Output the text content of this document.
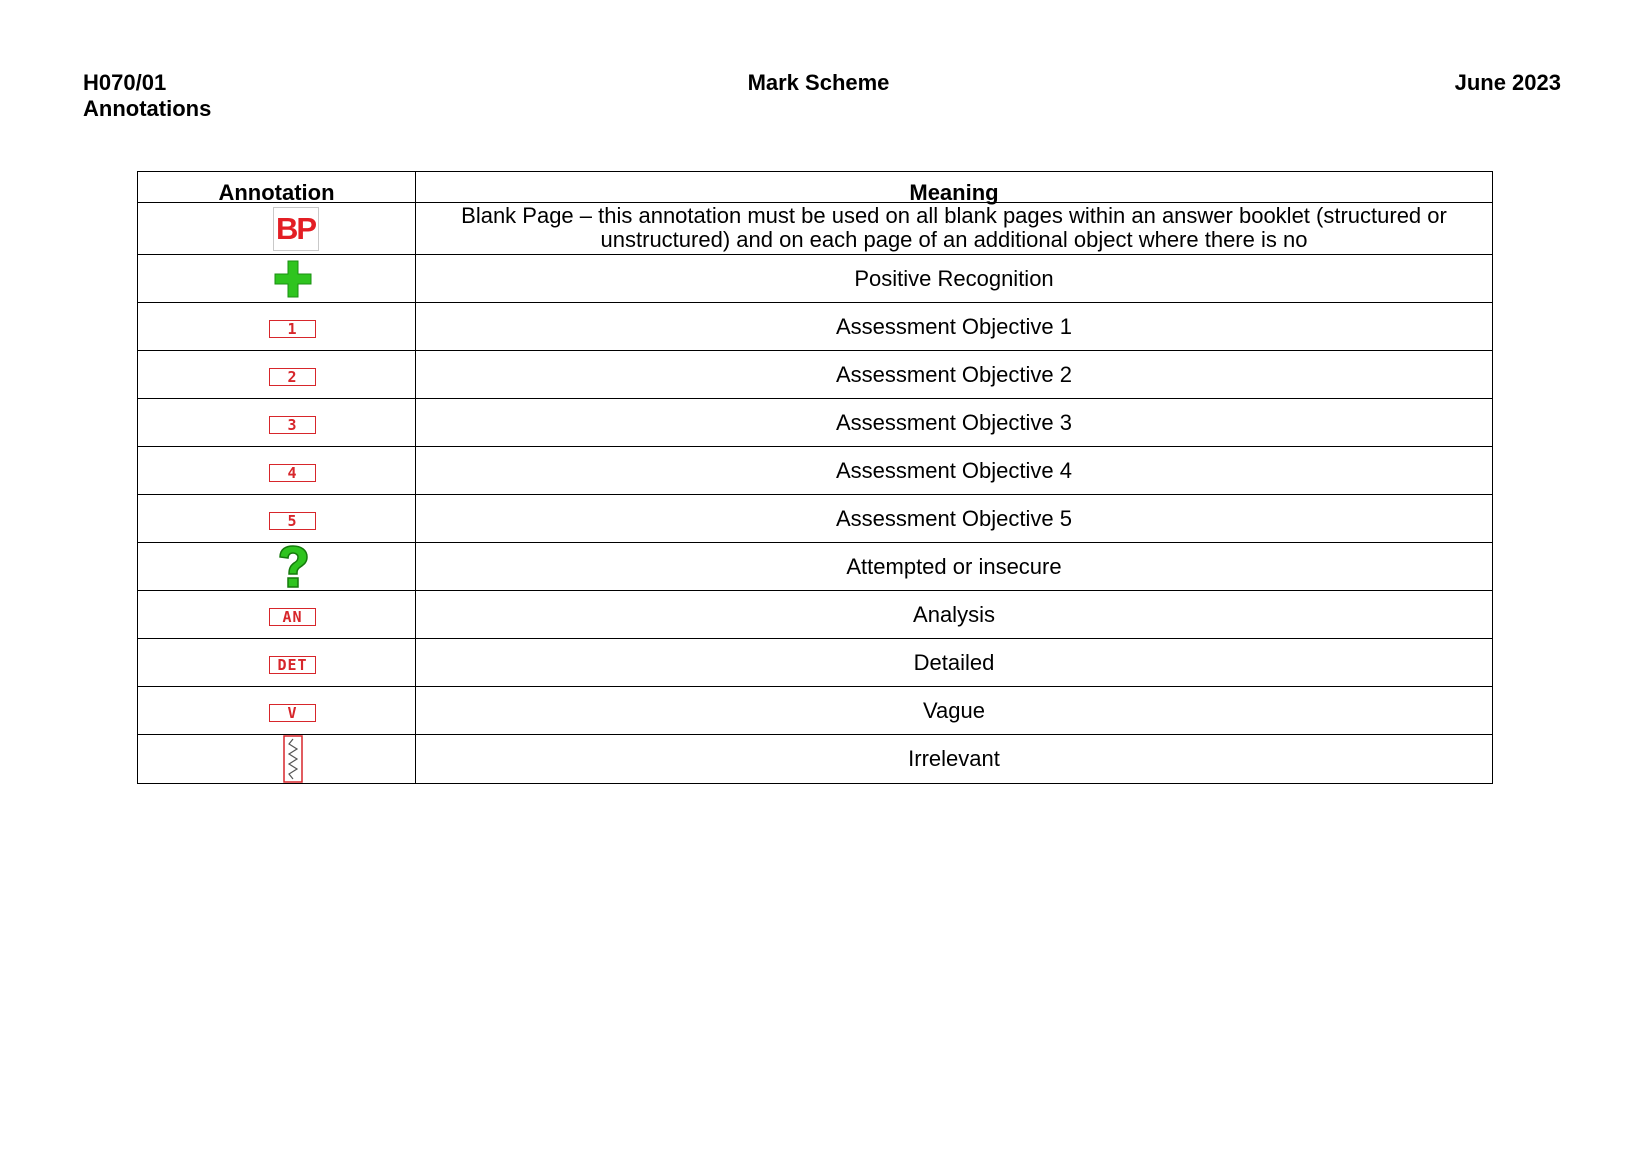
H070/01
Annotations
Mark Scheme	June 2023
Annotation	Meaning
BP	Blank Page – this annotation must be used on all blank pages within an answer booklet (structured or unstructured) and on each page of an additional object where there is no

	Positive Recognition
1	Assessment Objective 1
2	Assessment Objective 2
3	Assessment Objective 3
4	Assessment Objective 4
5	Assessment Objective 5
	Attempted or insecure
AN	Analysis
DET	Detailed
V	Vague
	Irrelevant
